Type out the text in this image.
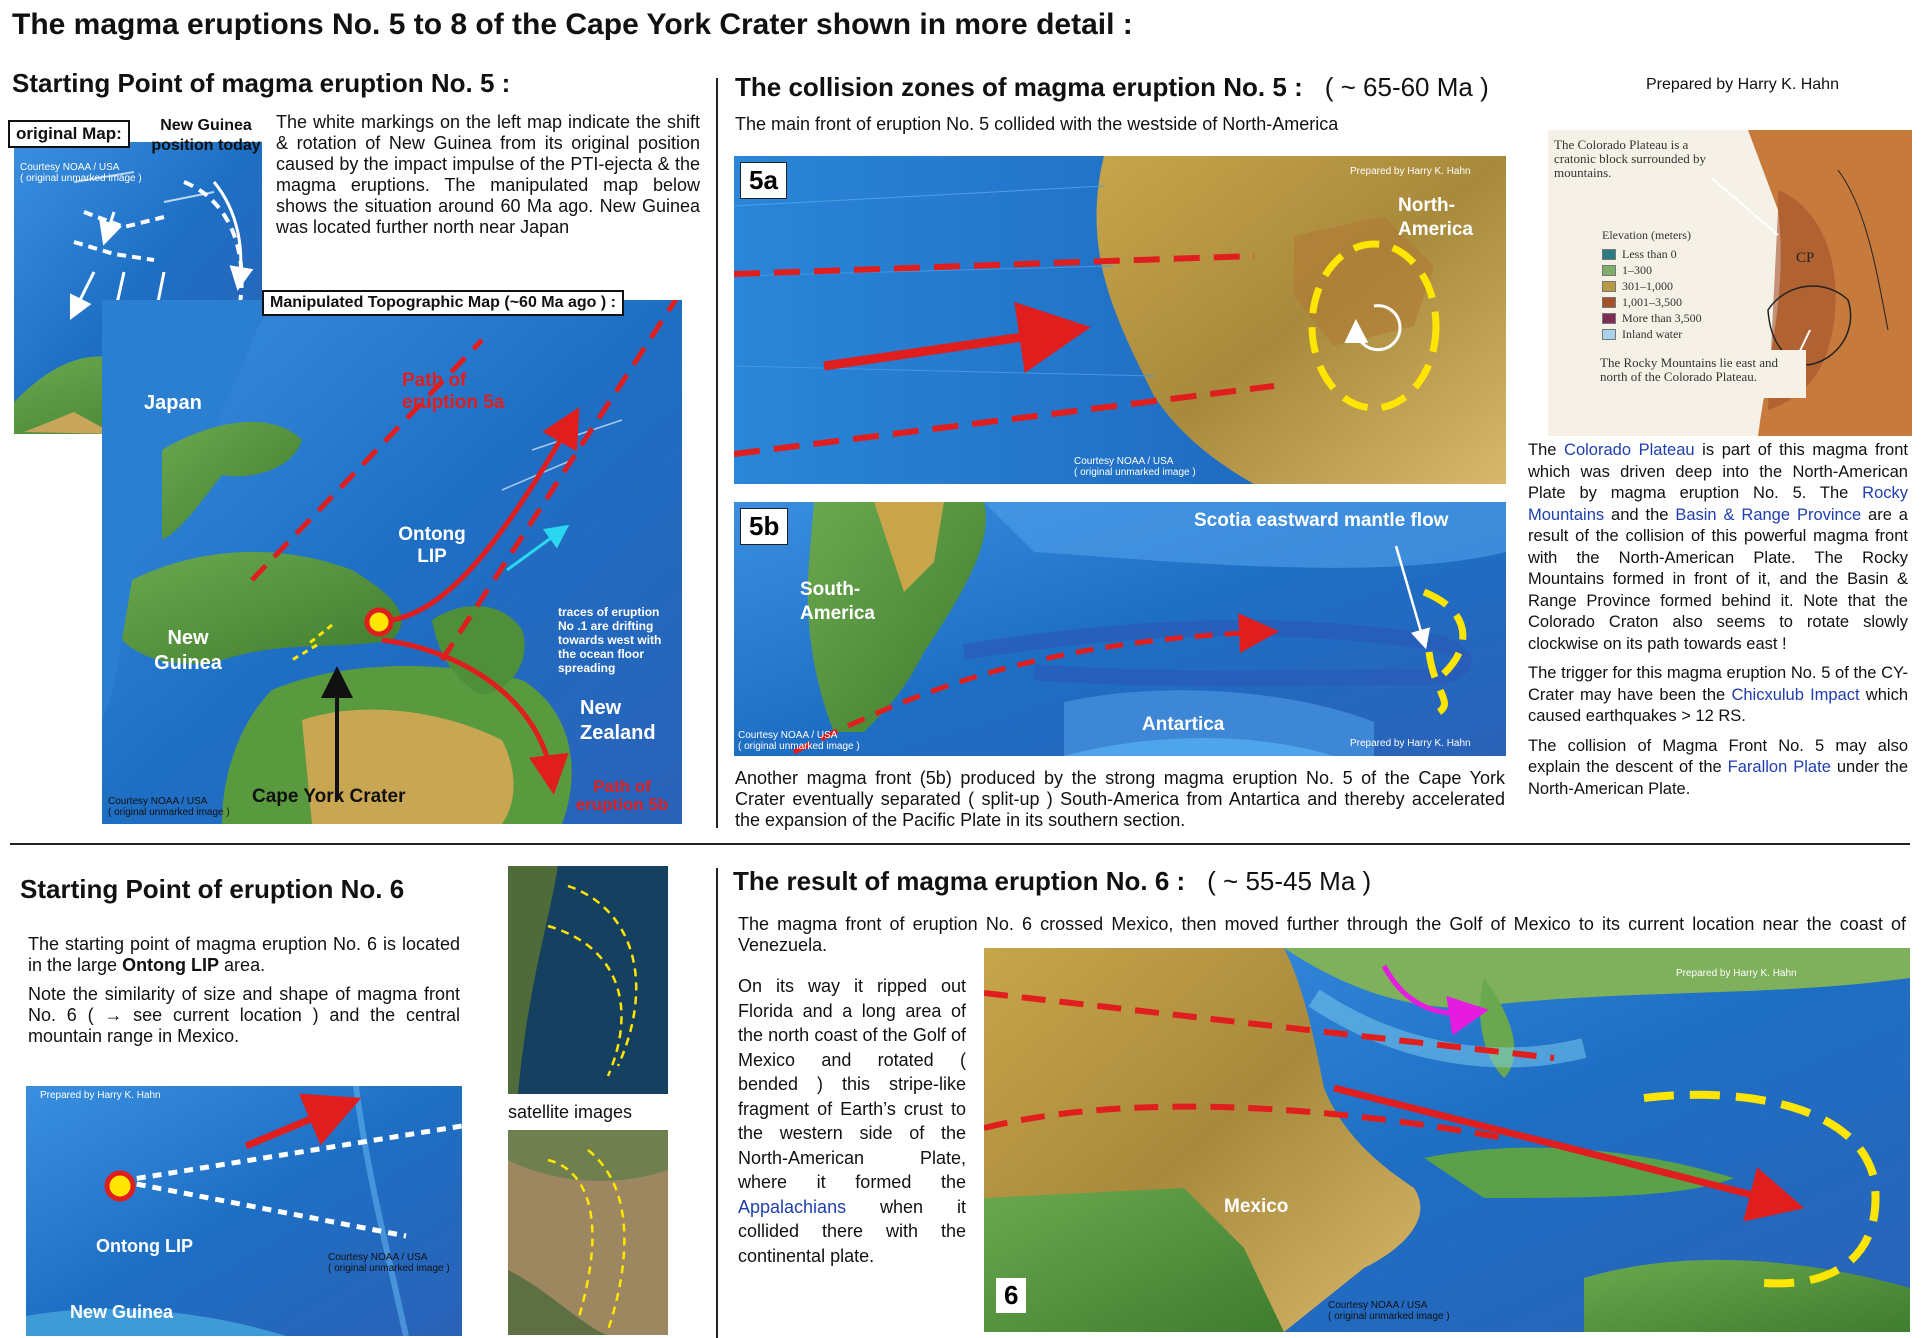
The magma eruptions No. 5 to 8 of the Cape York Crater shown in more detail :
Starting Point of magma eruption No. 5 :
Courtesy NOAA / USA
( original unmarked image )
original Map:	New Guinea position today
The white markings on the left map indicate the shift & rotation of New Guinea from its original position caused by the impact impulse of the PTI-ejecta & the magma eruptions. The manipulated map below shows the situation around 60 Ma ago. New Guinea was located further north near Japan
Japan
New Guinea
Ontong LIP
Path of eruption 5a
traces of eruption No .1 are drifting towards west with the ocean floor spreading
New Zealand
Path of eruption 5b
Cape York Crater
Courtesy NOAA / USA
( original unmarked image )
Manipulated Topographic Map (~60 Ma ago ) :
The collision zones of magma eruption No. 5 : ( ~ 65-60 Ma )	Prepared by Harry K. Hahn
The main front of eruption No. 5 collided with the westside of North-America
5a
North-America
Prepared by Harry K. Hahn
Courtesy NOAA / USA
( original unmarked image )
5b	Scotia eastward mantle flow
South-America
Antartica
Prepared by Harry K. Hahn
Courtesy NOAA / USA
( original unmarked image )
Another magma front (5b) produced by the strong magma eruption No. 5 of the Cape York Crater eventually separated ( split-up ) South-America from Antartica and thereby accelerated the expansion of the Pacific Plate in its southern section.
The Colorado Plateau is a cratonic block surrounded by mountains.
The Rocky Mountains lie east and north of the Colorado Plateau.
Elevation (meters)
Less than 0
1–300
301–1,000
1,001–3,500
More than 3,500
Inland water
CP

The Colorado Plateau is part of this magma front which was driven deep into the North-American Plate by magma eruption No. 5. The Rocky Mountains and the Basin & Range Province are a result of the collision of this powerful magma front with the North-American Plate. The Rocky Mountains formed in front of it, and the Basin & Range Province formed behind it. Note that the Colorado Craton also seems to rotate slowly clockwise on its path towards east !

The trigger for this magma eruption No. 5 of the CY-Crater may have been the Chicxulub Impact which caused earthquakes > 12 RS.

The collision of Magma Front No. 5 may also explain the descent of the Farallon Plate under the North-American Plate.

Starting Point of eruption No. 6

The starting point of magma eruption No. 6 is located in the large Ontong LIP area.

Note the similarity of size and shape of magma front No. 6 ( → see current location ) and the central mountain range in Mexico.

satellite images
Prepared by Harry K. Hahn
Ontong LIP
New Guinea
Courtesy NOAA / USA
( original unmarked image )
The result of magma eruption No. 6 : ( ~ 55-45 Ma )
The magma front of eruption No. 6 crossed Mexico, then moved further through the Golf of Mexico to its current location near the coast of Venezuela.
On its way it ripped out Florida and a long area of the north coast of the Golf of Mexico and rotated ( bended ) this stripe-like fragment of Earth’s crust to the western side of the North-American Plate, where it formed the Appalachians when it collided there with the continental plate.
Mexico
Prepared by Harry K. Hahn
Courtesy NOAA / USA
( original unmarked image )
6
